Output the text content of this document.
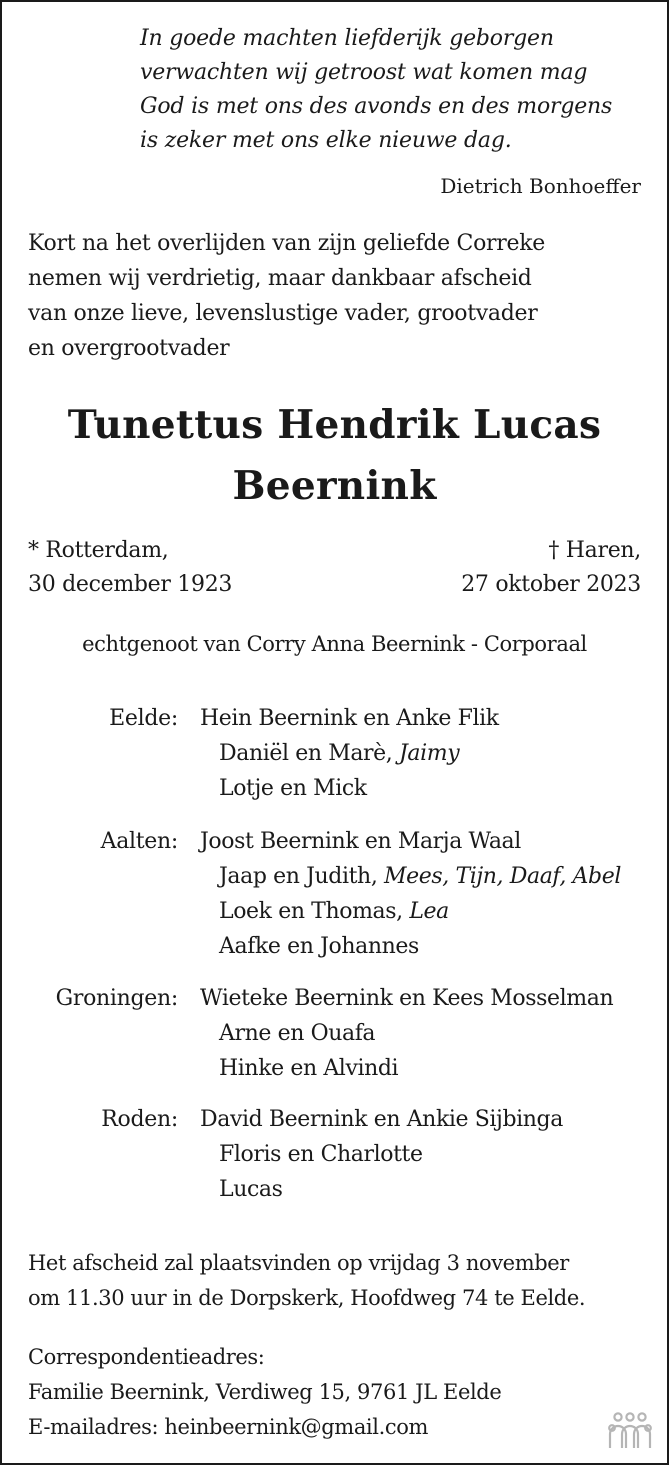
In goede machten liefderijk geborgen

verwachten wij getroost wat komen mag

God is met ons des avonds en des morgens

is zeker met ons elke nieuwe dag.

Dietrich Bonhoeffer

Kort na het overlijden van zijn geliefde Correke

nemen wij verdrietig, maar dankbaar afscheid

van onze lieve, levenslustige vader, grootvader

en overgrootvader

Tunettus Hendrik Lucas

Beernink

* Rotterdam,

30 december 1923

† Haren,

27 oktober 2023

echtgenoot van Corry Anna Beernink - Corporaal

Eelde: Hein Beernink en Anke Flik

Daniël en Marè, Jaimy

Lotje en Mick

Aalten: Joost Beernink en Marja Waal

Jaap en Judith, Mees, Tijn, Daaf, Abel

Loek en Thomas, Lea

Aafke en Johannes

Groningen: Wieteke Beernink en Kees Mosselman

Arne en Ouafa

Hinke en Alvindi

Roden: David Beernink en Ankie Sijbinga

Floris en Charlotte

Lucas

Het afscheid zal plaatsvinden op vrijdag 3 november

om 11.30 uur in de Dorpskerk, Hoofdweg 74 te Eelde.

Correspondentieadres:

Familie Beernink, Verdiweg 15, 9761 JL Eelde

E-mailadres: heinbeernink@gmail.com
